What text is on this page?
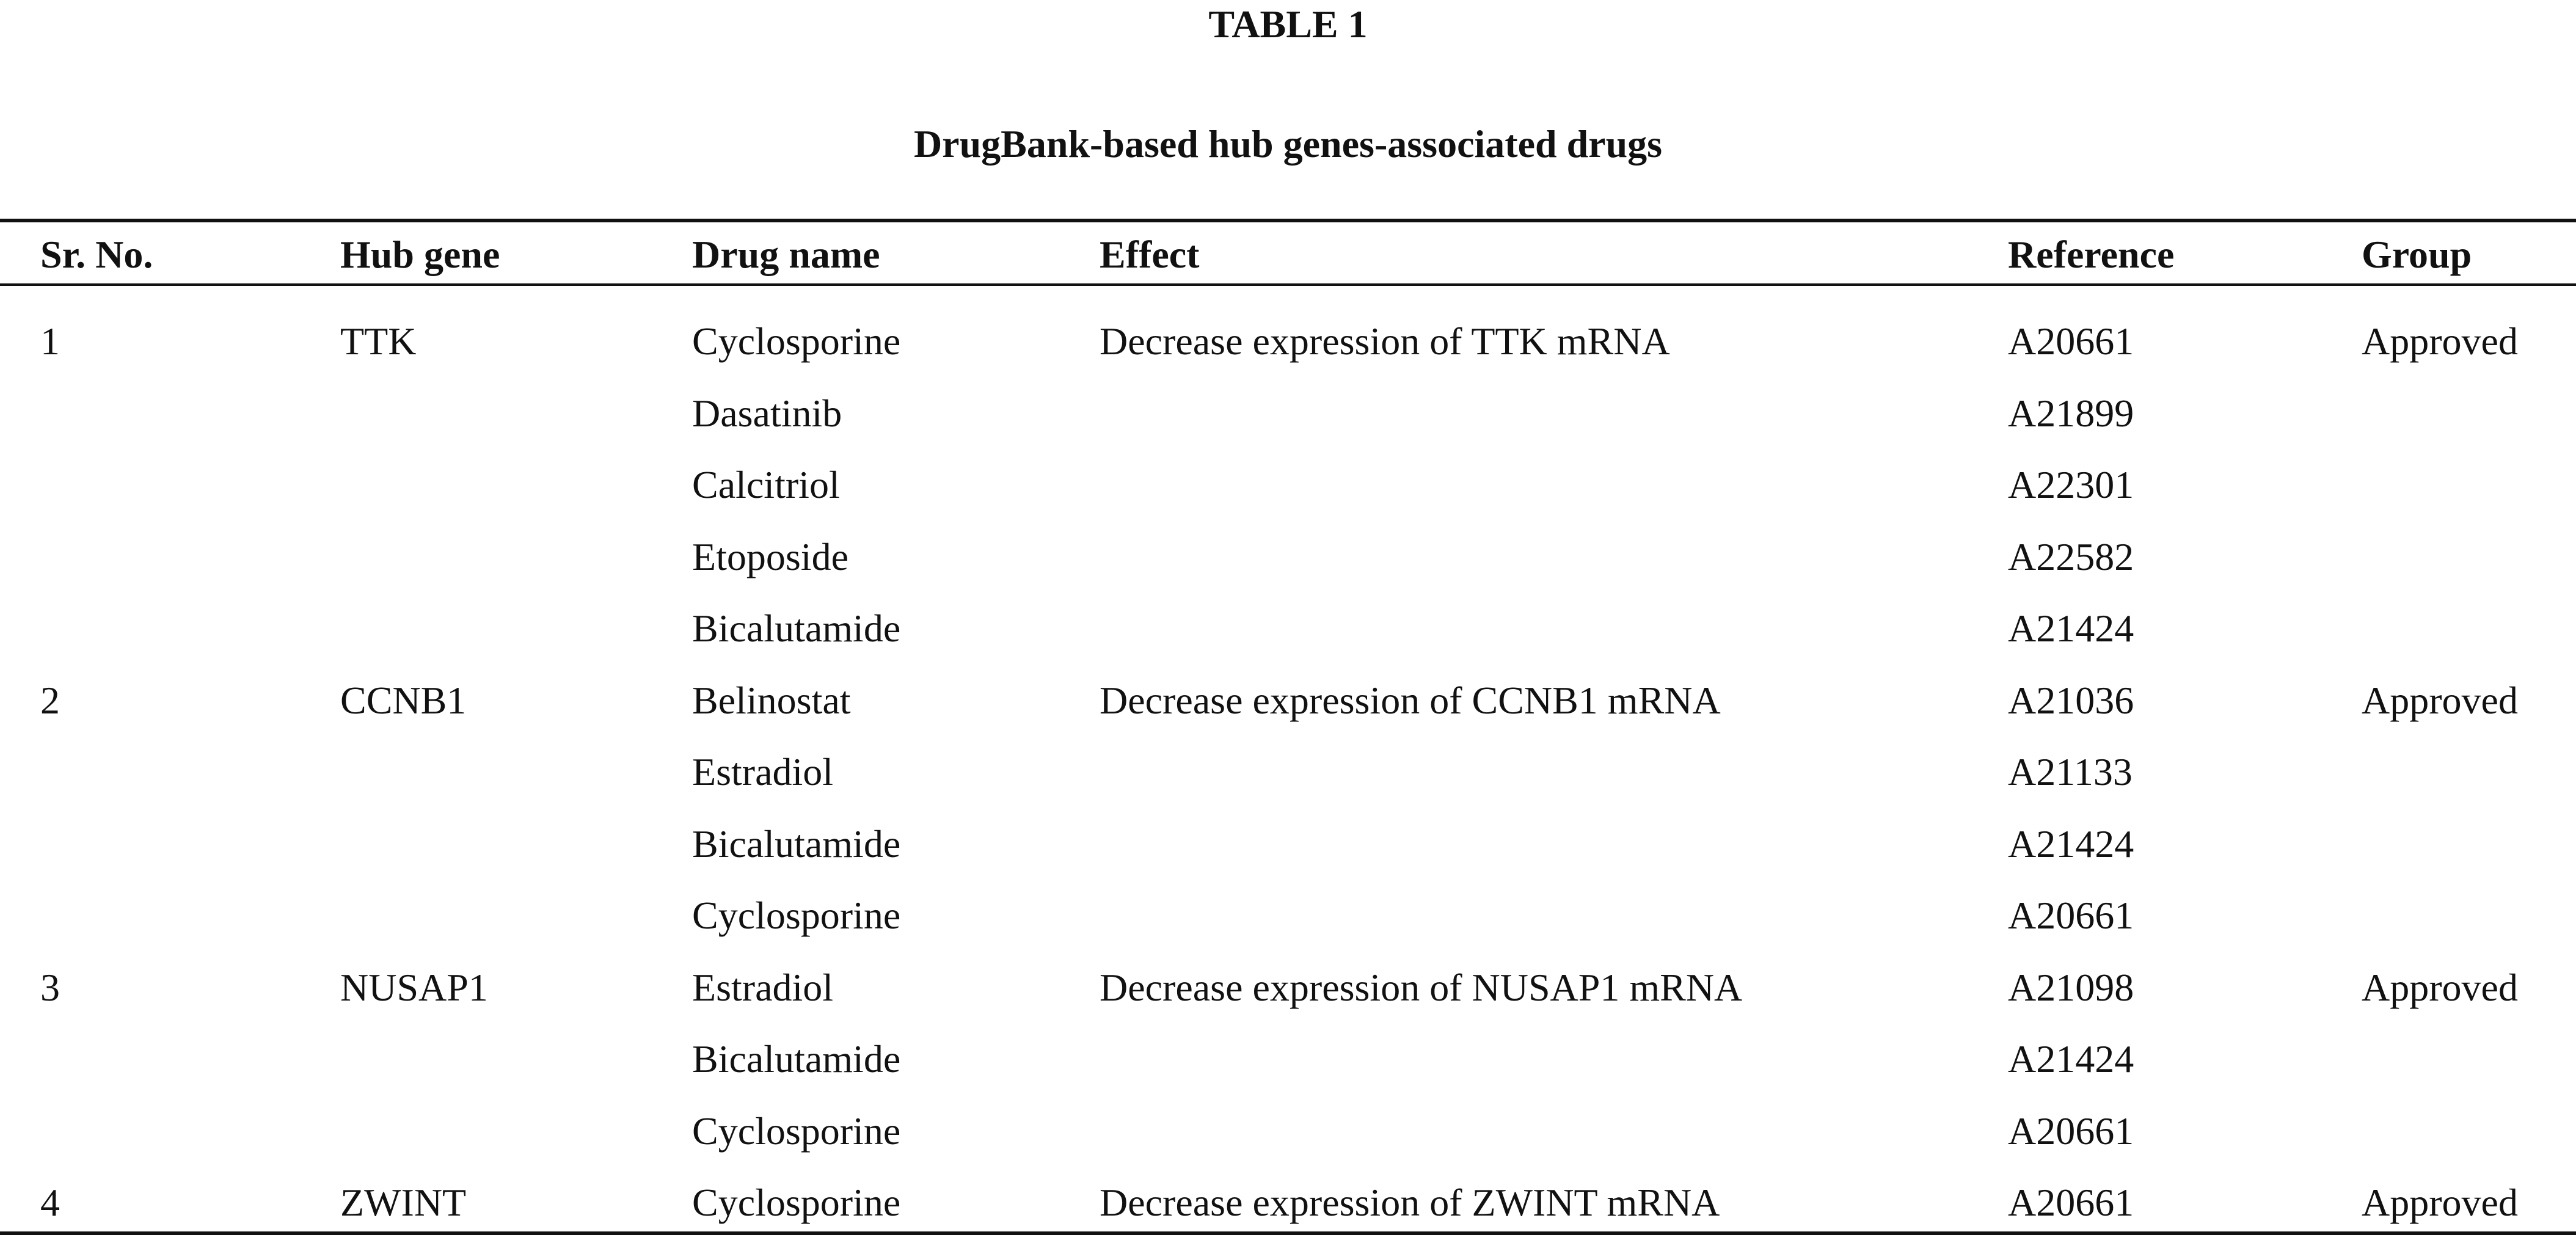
TABLE 1
DrugBank-based hub genes-associated drugs
Sr. No.	Hub gene	Drug name	Effect	Reference	Group
1	TTK	Cyclosporine	Decrease expression of TTK mRNA	A20661	Approved
Dasatinib	A21899
Calcitriol	A22301
Etoposide	A22582
Bicalutamide	A21424
2	CCNB1	Belinostat	Decrease expression of CCNB1 mRNA	A21036	Approved
Estradiol	A21133
Bicalutamide	A21424
Cyclosporine	A20661
3	NUSAP1	Estradiol	Decrease expression of NUSAP1 mRNA	A21098	Approved
Bicalutamide	A21424
Cyclosporine	A20661
4	ZWINT	Cyclosporine	Decrease expression of ZWINT mRNA	A20661	Approved
